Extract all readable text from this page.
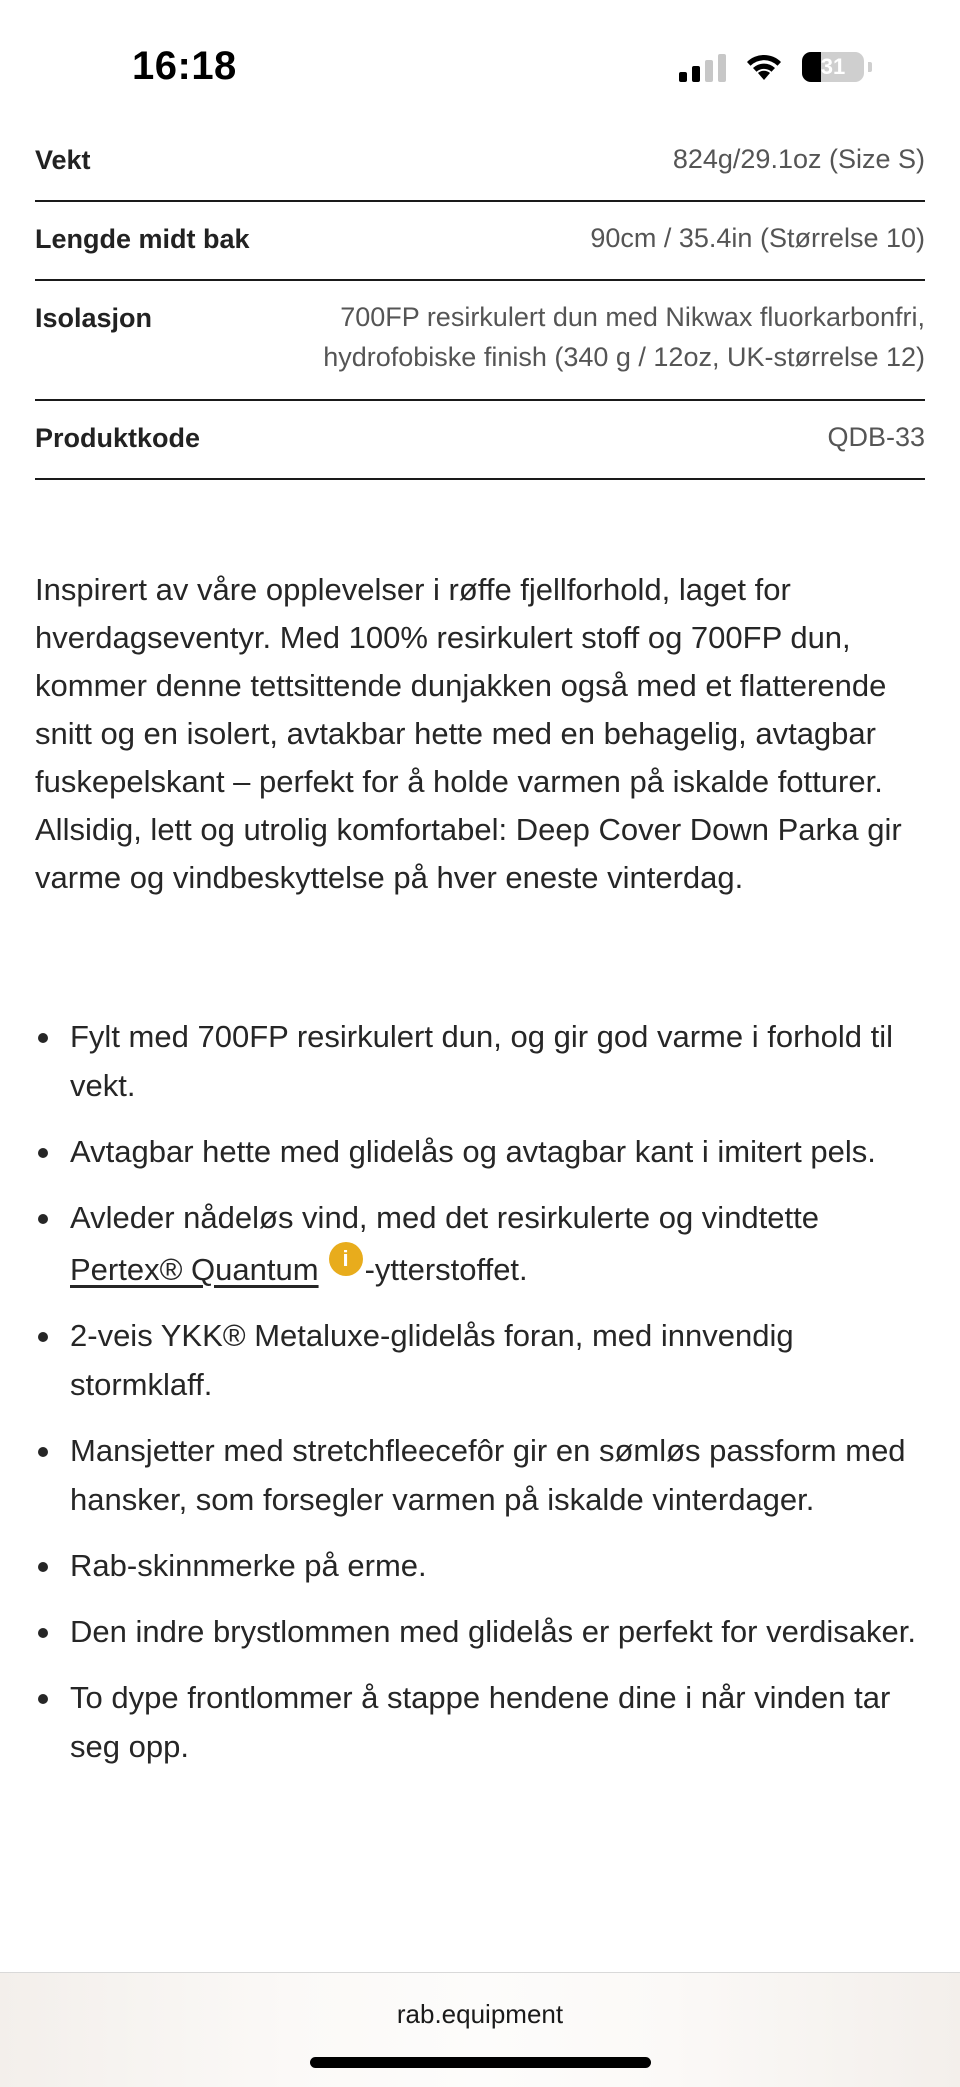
16:18	31
Vekt	824g/29.1oz (Size S)
Lengde midt bak	90cm / 35.4in (Størrelse 10)
Isolasjon	700FP resirkulert dun med Nikwax fluorkarbonfri,
hydrofobiske finish (340 g / 12oz, UK-størrelse 12)
Produktkode	QDB-33

Inspirert av våre opplevelser i røffe fjellforhold, laget for hverdagseventyr. Med 100% resirkulert stoff og 700FP dun, kommer denne tettsittende dunjakken også med et flatterende snitt og en isolert, avtakbar hette med en behagelig, avtagbar fuskepelskant – perfekt for å holde varmen på iskalde fotturer. Allsidig, lett og utrolig komfortabel: Deep Cover Down Parka gir varme og vindbeskyttelse på hver eneste vinterdag.

Fylt med 700FP resirkulert dun, og gir god varme i forhold til vekt.
Avtagbar hette med glidelås og avtagbar kant i imitert pels.
Avleder nådeløs vind, med det resirkulerte og vindtette
Pertex® Quantum i -ytterstoffet.
2-veis YKK® Metaluxe-glidelås foran, med innvendig stormklaff.
Mansjetter med stretchfleecefôr gir en sømløs passform med hansker, som forsegler varmen på iskalde vinterdager.
Rab-skinnmerke på erme.
Den indre brystlommen med glidelås er perfekt for verdisaker.
To dype frontlommer å stappe hendene dine i når vinden tar seg opp.
rab.equipment
